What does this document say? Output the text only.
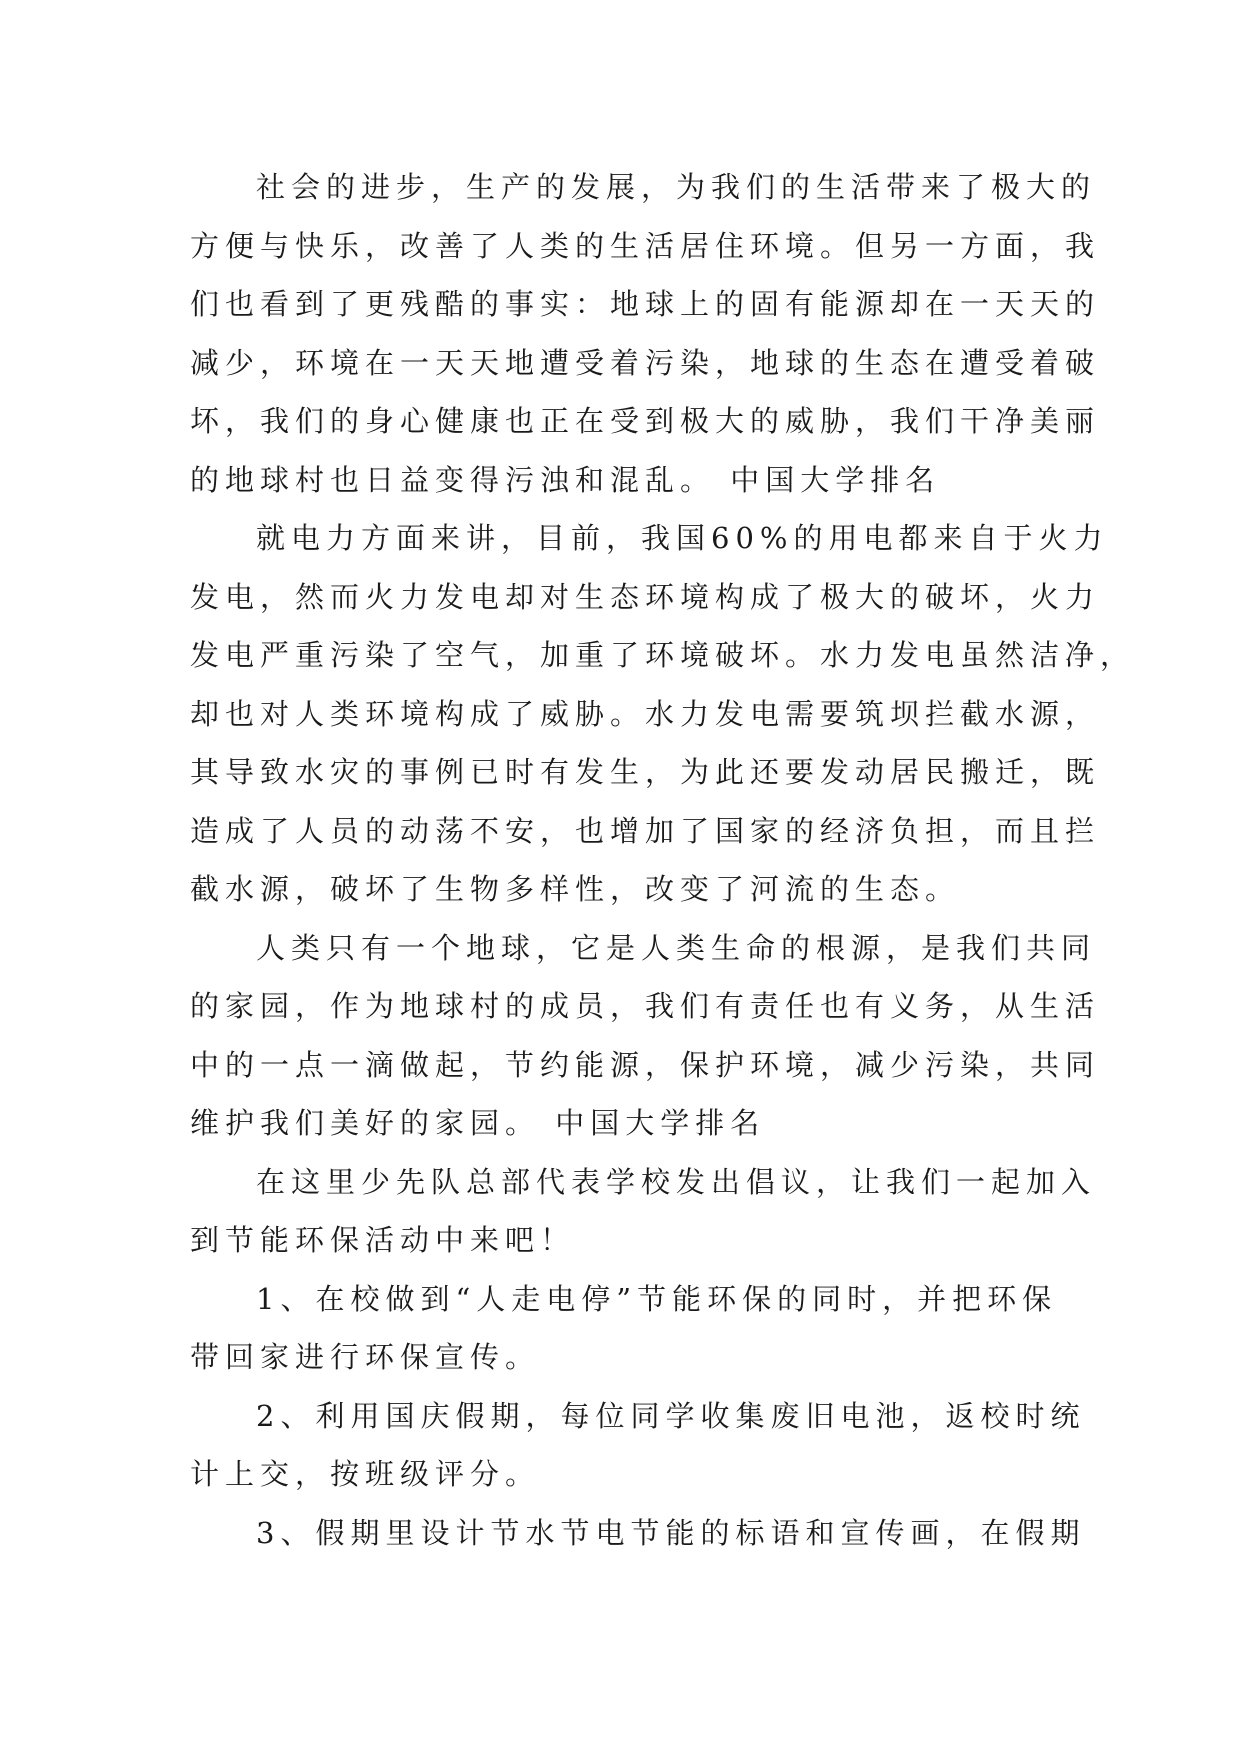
社会的进步，生产的发展，为我们的生活带来了极大的

方便与快乐，改善了人类的生活居住环境。但另一方面，我

们也看到了更残酷的事实：地球上的固有能源却在一天天的

减少，环境在一天天地遭受着污染，地球的生态在遭受着破

坏，我们的身心健康也正在受到极大的威胁，我们干净美丽

的地球村也日益变得污浊和混乱。 中国大学排名

就电力方面来讲，目前，我国60%的用电都来自于火力

发电，然而火力发电却对生态环境构成了极大的破坏，火力

发电严重污染了空气，加重了环境破坏。水力发电虽然洁净，

却也对人类环境构成了威胁。水力发电需要筑坝拦截水源，

其导致水灾的事例已时有发生，为此还要发动居民搬迁，既

造成了人员的动荡不安，也增加了国家的经济负担，而且拦

截水源，破坏了生物多样性，改变了河流的生态。

人类只有一个地球，它是人类生命的根源，是我们共同

的家园，作为地球村的成员，我们有责任也有义务，从生活

中的一点一滴做起，节约能源，保护环境，减少污染，共同

维护我们美好的家园。 中国大学排名

在这里少先队总部代表学校发出倡议，让我们一起加入

到节能环保活动中来吧！

1、在校做到“人走电停”节能环保的同时，并把环保

带回家进行环保宣传。

2、利用国庆假期，每位同学收集废旧电池，返校时统

计上交，按班级评分。

3、假期里设计节水节电节能的标语和宣传画，在假期
